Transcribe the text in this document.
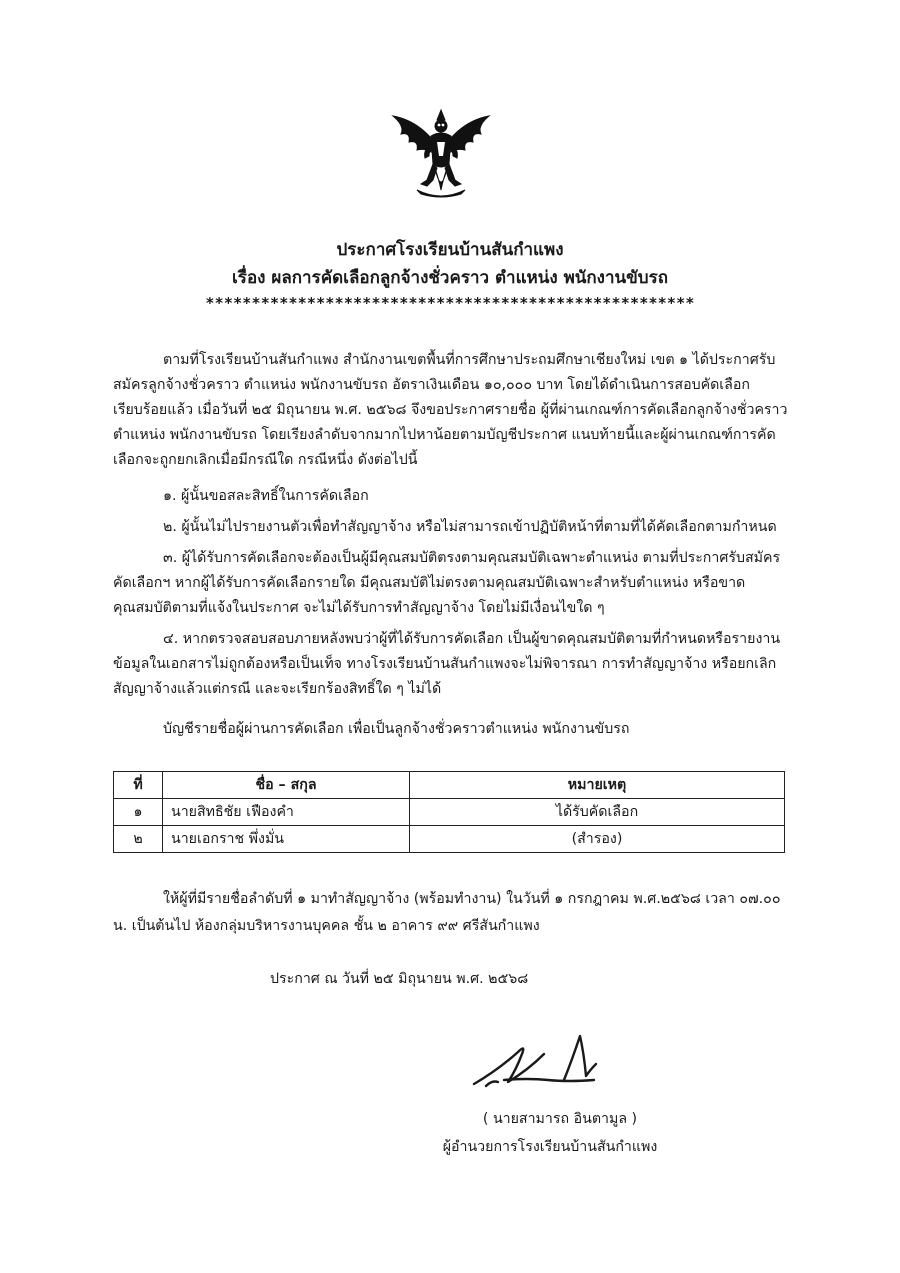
ประกาศโรงเรียนบ้านสันกำแพง
เรื่อง ผลการคัดเลือกลูกจ้างชั่วคราว ตำแหน่ง พนักงานขับรถ
*****************************************************
ตามที่โรงเรียนบ้านสันกำแพง สำนักงานเขตพื้นที่การศึกษาประถมศึกษาเชียงใหม่ เขต ๑ ได้ประกาศรับสมัครลูกจ้างชั่วคราว ตำแหน่ง พนักงานขับรถ อัตราเงินเดือน ๑๐,๐๐๐ บาท โดยได้ดำเนินการสอบคัดเลือก เรียบร้อยแล้ว เมื่อวันที่ ๒๕ มิถุนายน พ.ศ. ๒๕๖๘ จึงขอประกาศรายชื่อ ผู้ที่ผ่านเกณฑ์การคัดเลือกลูกจ้างชั่วคราว ตำแหน่ง พนักงานขับรถ โดยเรียงลำดับจากมากไปหาน้อยตามบัญชีประกาศ แนบท้ายนี้และผู้ผ่านเกณฑ์การคัดเลือกจะถูกยกเลิกเมื่อมีกรณีใด กรณีหนึ่ง ดังต่อไปนี้
๑. ผู้นั้นขอสละสิทธิ์ในการคัดเลือก
๒. ผู้นั้นไม่ไปรายงานตัวเพื่อทำสัญญาจ้าง หรือไม่สามารถเข้าปฏิบัติหน้าที่ตามที่ได้คัดเลือกตามกำหนด
๓. ผู้ได้รับการคัดเลือกจะต้องเป็นผู้มีคุณสมบัติตรงตามคุณสมบัติเฉพาะตำแหน่ง ตามที่ประกาศรับสมัครคัดเลือกฯ หากผู้ได้รับการคัดเลือกรายใด มีคุณสมบัติไม่ตรงตามคุณสมบัติเฉพาะสำหรับตำแหน่ง หรือขาดคุณสมบัติตามที่แจ้งในประกาศ จะไม่ได้รับการทำสัญญาจ้าง โดยไม่มีเงื่อนไขใด ๆ
๔. หากตรวจสอบสอบภายหลังพบว่าผู้ที่ได้รับการคัดเลือก เป็นผู้ขาดคุณสมบัติตามที่กำหนดหรือรายงานข้อมูลในเอกสารไม่ถูกต้องหรือเป็นเท็จ ทางโรงเรียนบ้านสันกำแพงจะไม่พิจารณา การทำสัญญาจ้าง หรือยกเลิก สัญญาจ้างแล้วแต่กรณี และจะเรียกร้องสิทธิ์ใด ๆ ไม่ได้
บัญชีรายชื่อผู้ผ่านการคัดเลือก เพื่อเป็นลูกจ้างชั่วคราวตำแหน่ง พนักงานขับรถ
ที่	ชื่อ – สกุล	หมายเหตุ
๑	นายสิทธิชัย เฟืองคำ	ได้รับคัดเลือก
๒	นายเอกราช พึ่งมั่น	(สำรอง)
ให้ผู้ที่มีรายชื่อลำดับที่ ๑ มาทำสัญญาจ้าง (พร้อมทำงาน) ในวันที่ ๑ กรกฎาคม พ.ศ.๒๕๖๘ เวลา ๐๗.๐๐ น. เป็นต้นไป ห้องกลุ่มบริหารงานบุคคล ชั้น ๒ อาคาร ๙๙ ศรีสันกำแพง
ประกาศ ณ วันที่ ๒๕ มิถุนายน พ.ศ. ๒๕๖๘
( นายสามารถ อินตามูล )
ผู้อำนวยการโรงเรียนบ้านสันกำแพง
